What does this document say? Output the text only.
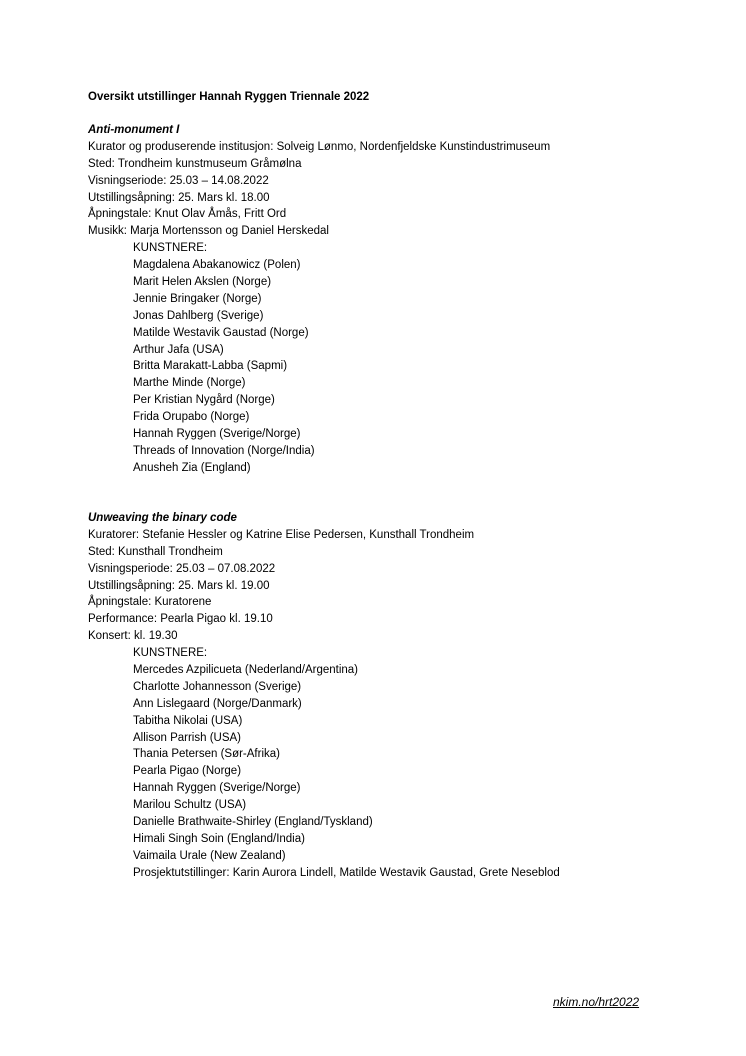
Oversikt utstillinger Hannah Ryggen Triennale 2022
Anti-monument I
Kurator og produserende institusjon: Solveig Lønmo, Nordenfjeldske Kunstindustrimuseum
Sted: Trondheim kunstmuseum Gråmølna
Visningseriode: 25.03 – 14.08.2022
Utstillingsåpning: 25. Mars kl. 18.00
Åpningstale: Knut Olav Åmås, Fritt Ord
Musikk: Marja Mortensson og Daniel Herskedal
KUNSTNERE:
Magdalena Abakanowicz (Polen)
Marit Helen Akslen (Norge)
Jennie Bringaker (Norge)
Jonas Dahlberg (Sverige)
Matilde Westavik Gaustad (Norge)
Arthur Jafa (USA)
Britta Marakatt-Labba (Sapmi)
Marthe Minde (Norge)
Per Kristian Nygård (Norge)
Frida Orupabo (Norge)
Hannah Ryggen (Sverige/Norge)
Threads of Innovation (Norge/India)
Anusheh Zia (England)
Unweaving the binary code
Kuratorer: Stefanie Hessler og Katrine Elise Pedersen, Kunsthall Trondheim
Sted: Kunsthall Trondheim
Visningsperiode: 25.03 – 07.08.2022
Utstillingsåpning: 25. Mars kl. 19.00
Åpningstale: Kuratorene
Performance: Pearla Pigao kl. 19.10
Konsert: kl. 19.30
KUNSTNERE:
Mercedes Azpilicueta (Nederland/Argentina)
Charlotte Johannesson (Sverige)
Ann Lislegaard (Norge/Danmark)
Tabitha Nikolai (USA)
Allison Parrish (USA)
Thania Petersen (Sør-Afrika)
Pearla Pigao (Norge)
Hannah Ryggen (Sverige/Norge)
Marilou Schultz (USA)
Danielle Brathwaite-Shirley (England/Tyskland)
Himali Singh Soin (England/India)
Vaimaila Urale (New Zealand)
Prosjektutstillinger: Karin Aurora Lindell, Matilde Westavik Gaustad, Grete Neseblod
nkim.no/hrt2022
